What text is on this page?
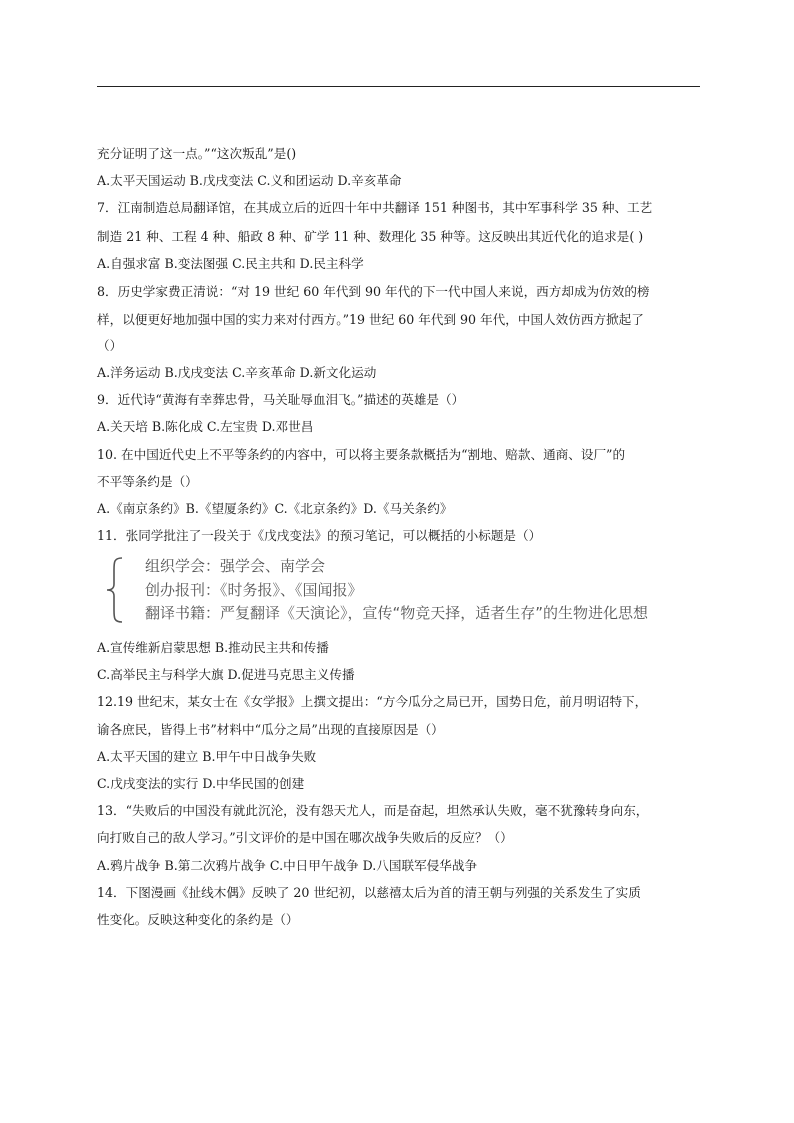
充分证明了这一点。”“这次叛乱”是()
A.太平天国运动 B.戊戌变法 C.义和团运动 D.辛亥革命
7．江南制造总局翻译馆，在其成立后的近四十年中共翻译 151 种图书，其中军事科学 35 种、工艺
制造 21 种、工程 4 种、船政 8 种、矿学 11 种、数理化 35 种等。这反映出其近代化的追求是( )
A.自强求富 B.变法图强 C.民主共和 D.民主科学
8．历史学家费正清说：“对 19 世纪 60 年代到 90 年代的下一代中国人来说，西方却成为仿效的榜
样，以便更好地加强中国的实力来对付西方。”19 世纪 60 年代到 90 年代，中国人效仿西方掀起了
（）
A.洋务运动 B.戊戌变法 C.辛亥革命 D.新文化运动
9．近代诗“黄海有幸葬忠骨，马关耻辱血泪飞。”描述的英雄是（）
A.关天培 B.陈化成 C.左宝贵 D.邓世昌
10. 在中国近代史上不平等条约的内容中，可以将主要条款概括为“割地、赔款、通商、设厂”的
不平等条约是（）
A.《南京条约》B.《望厦条约》C.《北京条约》D.《马关条约》
11．张同学批注了一段关于《戊戌变法》的预习笔记，可以概括的小标题是（）
A.宣传维新启蒙思想 B.推动民主共和传播
C.高举民主与科学大旗 D.促进马克思主义传播
12.19 世纪末，某女士在《女学报》上撰文提出：“方今瓜分之局已开，国势日危，前月明诏特下，
谕各庶民，皆得上书”材料中“瓜分之局”出现的直接原因是（）
A.太平天国的建立 B.甲午中日战争失败
C.戊戌变法的实行 D.中华民国的创建
13．“失败后的中国没有就此沉沦，没有怨天尤人，而是奋起，坦然承认失败，毫不犹豫转身向东，
向打败自己的敌人学习。”引文评价的是中国在哪次战争失败后的反应？（）
A.鸦片战争 B.第二次鸦片战争 C.中日甲午战争 D.八国联军侵华战争
14．下图漫画《扯线木偶》反映了 20 世纪初，以慈禧太后为首的清王朝与列强的关系发生了实质
性变化。反映这种变化的条约是（）
组织学会：强学会、南学会
创办报刊：《时务报》、《国闻报》
翻译书籍：严复翻译《天演论》，宣传“物竞天择，适者生存”的生物进化思想
